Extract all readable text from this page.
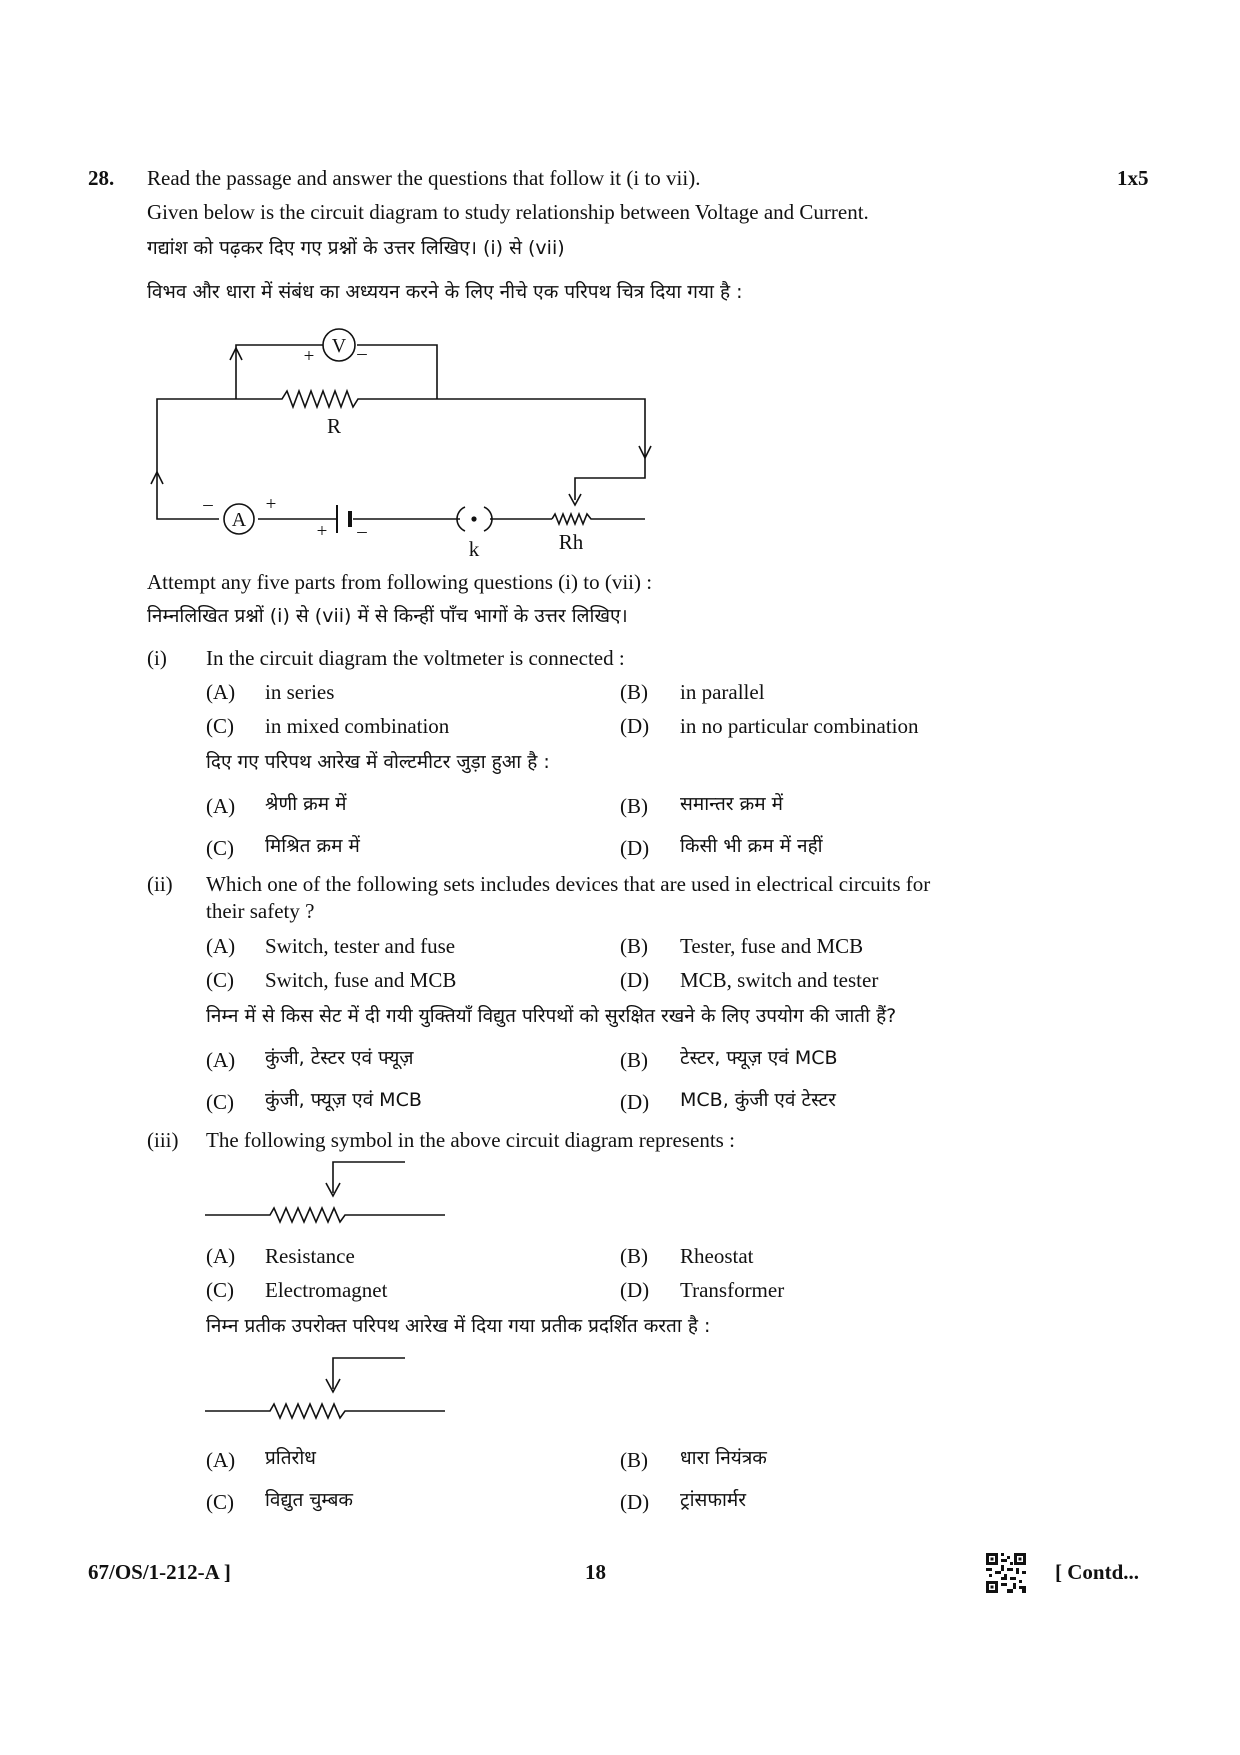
28. Read the passage and answer the questions that follow it (i to vii).	1x5
Given below is the circuit diagram to study relationship between Voltage and Current.
गद्यांश को पढ़कर दिए गए प्रश्नों के उत्तर लिखिए। (i) से (vii)
विभव और धारा में संबंध का अध्ययन करने के लिए नीचे एक परिपथ चित्र दिया गया है :
V
A
R
k	Rh
+ –
–	+
+ –
Attempt any five parts from following questions (i) to (vii) :
निम्नलिखित प्रश्नों (i) से (vii) में से किन्हीं पाँच भागों के उत्तर लिखिए।
(i) In the circuit diagram the voltmeter is connected :
(A) in series	(B) in parallel
(C) in mixed combination	(D) in no particular combination
दिए गए परिपथ आरेख में वोल्टमीटर जुड़ा हुआ है :
(A) श्रेणी क्रम में	(B) समान्तर क्रम में
(C) मिश्रित क्रम में	(D) किसी भी क्रम में नहीं
(ii) Which one of the following sets includes devices that are used in electrical circuits for
their safety ?
(A) Switch, tester and fuse	(B) Tester, fuse and MCB
(C) Switch, fuse and MCB	(D) MCB, switch and tester
निम्न में से किस सेट में दी गयी युक्तियाँ विद्युत परिपथों को सुरक्षित रखने के लिए उपयोग की जाती हैं?
(A) कुंजी, टेस्टर एवं फ्यूज़	(B) टेस्टर, फ्यूज़ एवं MCB
(C) कुंजी, फ्यूज़ एवं MCB	(D) MCB, कुंजी एवं टेस्टर
(iii) The following symbol in the above circuit diagram represents :
(A) Resistance	(B) Rheostat
(C) Electromagnet	(D) Transformer
निम्न प्रतीक उपरोक्त परिपथ आरेख में दिया गया प्रतीक प्रदर्शित करता है :
(A) प्रतिरोध	(B) धारा नियंत्रक
(C) विद्युत चुम्बक	(D) ट्रांसफार्मर
67/OS/1-212-A ]	18	[ Contd...
